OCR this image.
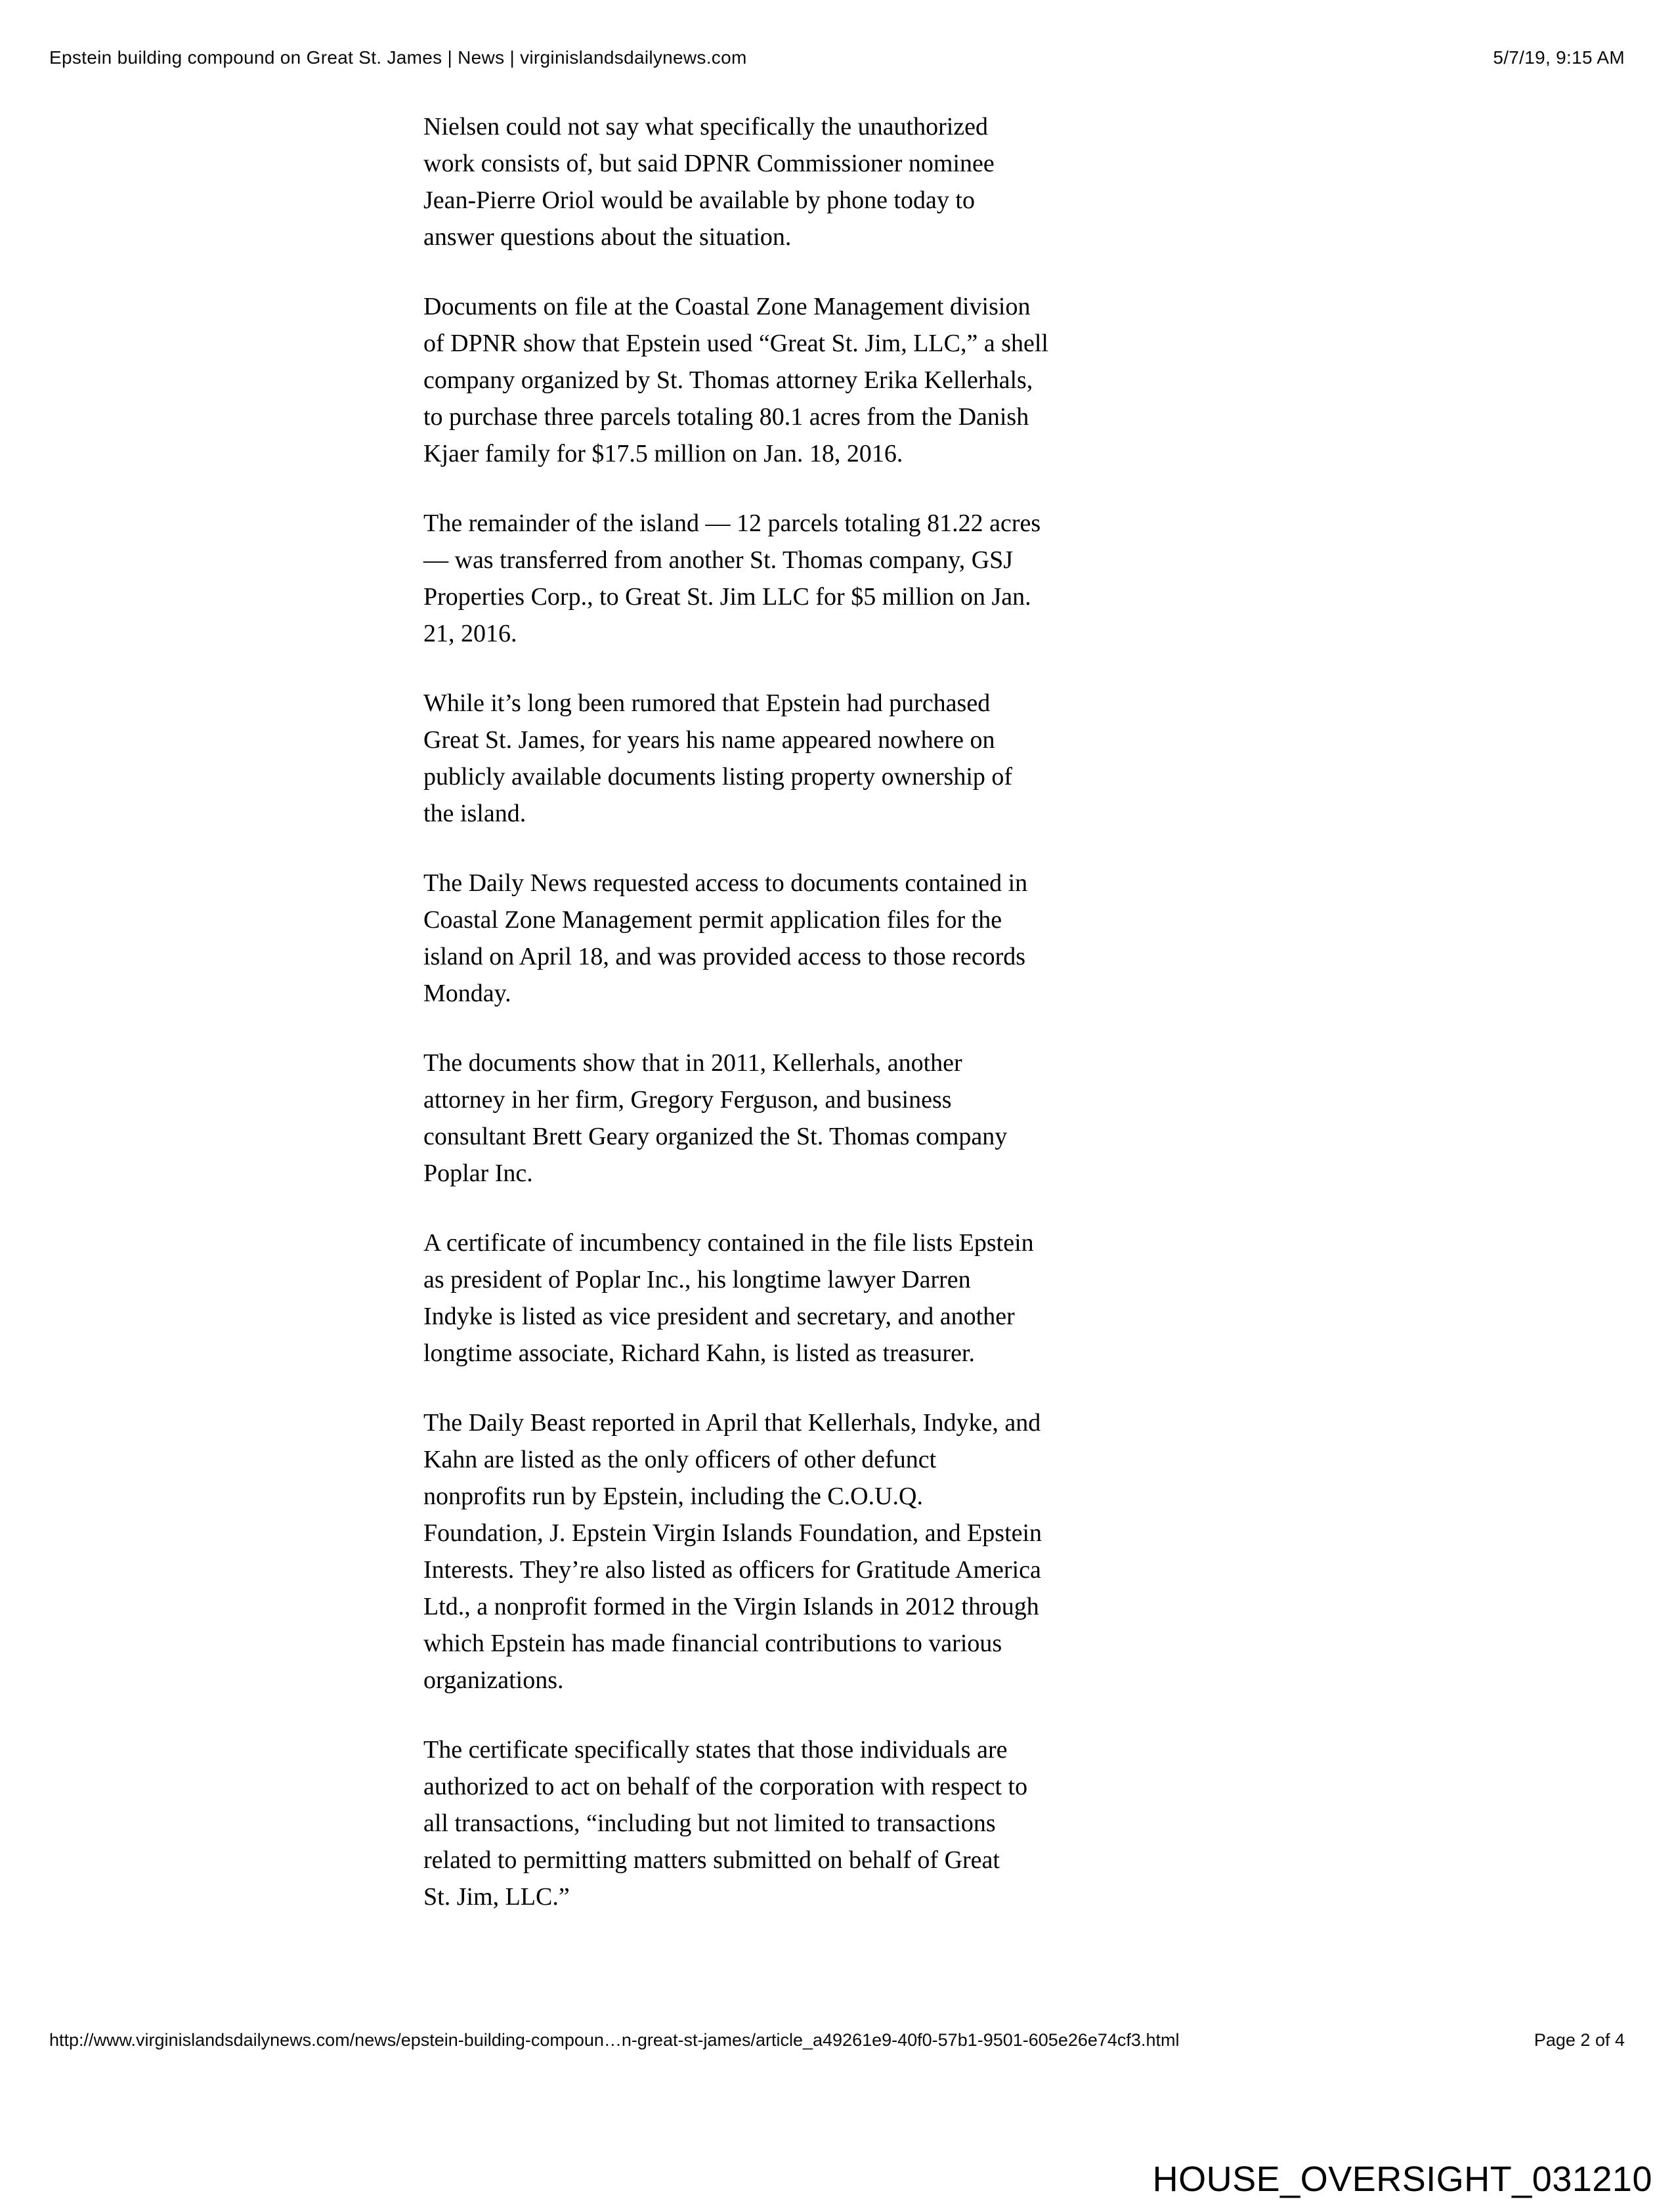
Epstein building compound on Great St. James | News | virginislandsdailynews.com	5/7/19, 9:15 AM
Nielsen could not say what specifically the unauthorized
work consists of, but said DPNR Commissioner nominee
Jean-Pierre Oriol would be available by phone today to
answer questions about the situation.
Documents on file at the Coastal Zone Management division
of DPNR show that Epstein used “Great St. Jim, LLC,” a shell
company organized by St. Thomas attorney Erika Kellerhals,
to purchase three parcels totaling 80.1 acres from the Danish
Kjaer family for $17.5 million on Jan. 18, 2016.
The remainder of the island — 12 parcels totaling 81.22 acres
— was transferred from another St. Thomas company, GSJ
Properties Corp., to Great St. Jim LLC for $5 million on Jan.
21, 2016.
While it’s long been rumored that Epstein had purchased
Great St. James, for years his name appeared nowhere on
publicly available documents listing property ownership of
the island.
The Daily News requested access to documents contained in
Coastal Zone Management permit application files for the
island on April 18, and was provided access to those records
Monday.
The documents show that in 2011, Kellerhals, another
attorney in her firm, Gregory Ferguson, and business
consultant Brett Geary organized the St. Thomas company
Poplar Inc.
A certificate of incumbency contained in the file lists Epstein
as president of Poplar Inc., his longtime lawyer Darren
Indyke is listed as vice president and secretary, and another
longtime associate, Richard Kahn, is listed as treasurer.
The Daily Beast reported in April that Kellerhals, Indyke, and
Kahn are listed as the only officers of other defunct
nonprofits run by Epstein, including the C.O.U.Q.
Foundation, J. Epstein Virgin Islands Foundation, and Epstein
Interests. They’re also listed as officers for Gratitude America
Ltd., a nonprofit formed in the Virgin Islands in 2012 through
which Epstein has made financial contributions to various
organizations.
The certificate specifically states that those individuals are
authorized to act on behalf of the corporation with respect to
all transactions, “including but not limited to transactions
related to permitting matters submitted on behalf of Great
St. Jim, LLC.”
http://www.virginislandsdailynews.com/news/epstein-building-compoun…n-great-st-james/article_a49261e9-40f0-57b1-9501-605e26e74cf3.html	Page 2 of 4
HOUSE_OVERSIGHT_031210
